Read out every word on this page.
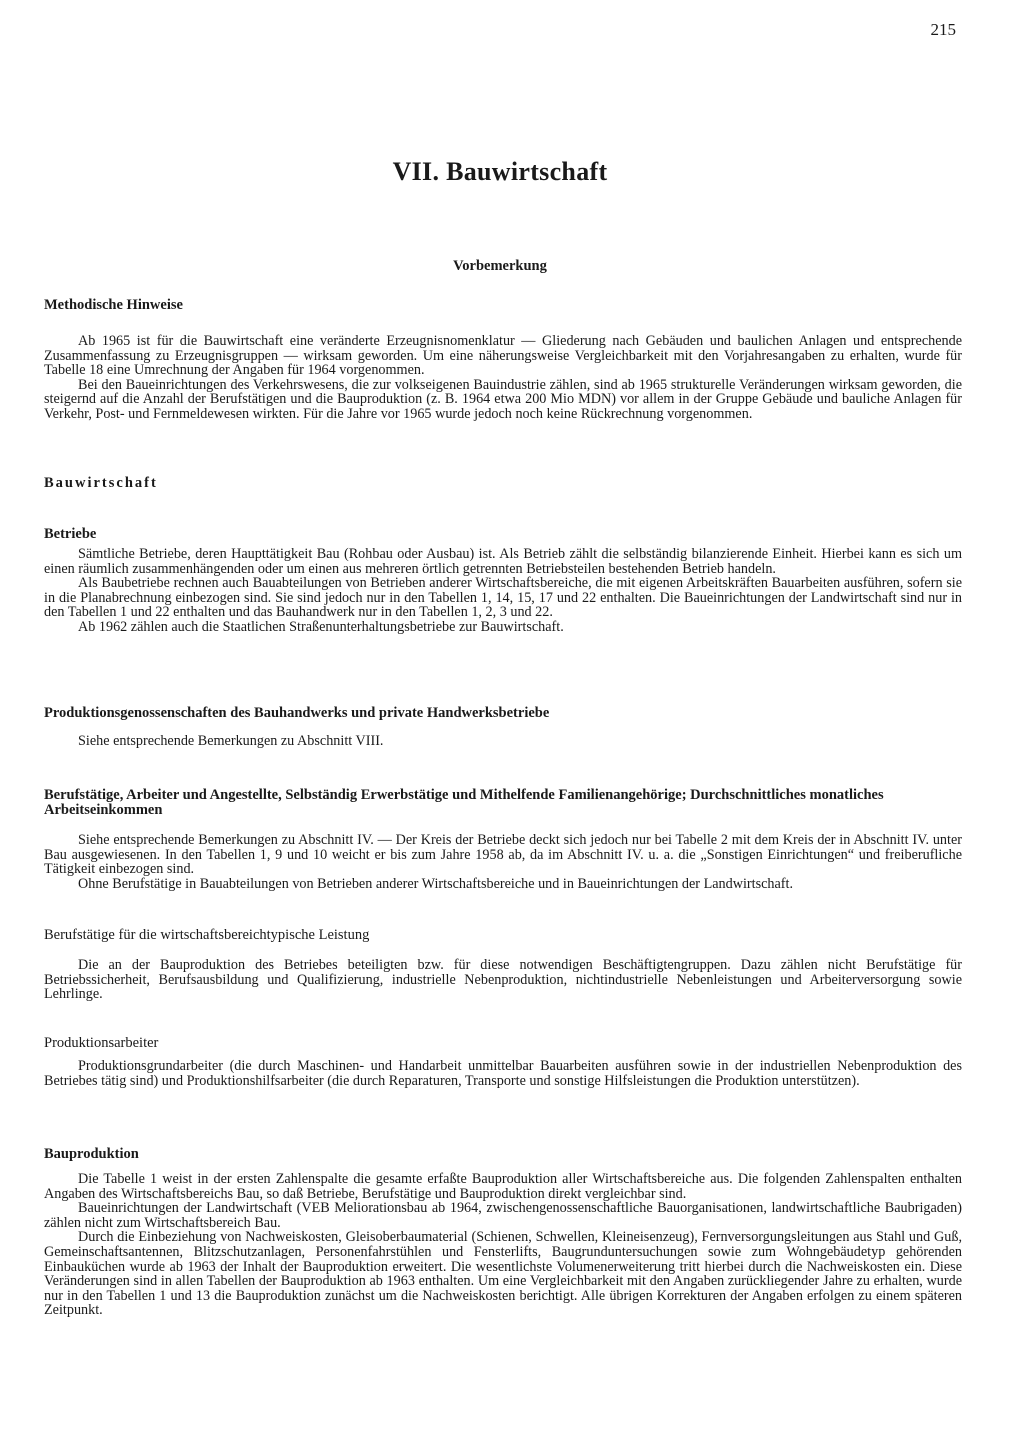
215
VII. Bauwirtschaft
Vorbemerkung
Methodische Hinweise

Ab 1965 ist für die Bauwirtschaft eine veränderte Erzeugnisnomenklatur — Gliederung nach Gebäuden und baulichen Anlagen und entsprechende Zusammenfassung zu Erzeugnisgruppen — wirksam geworden. Um eine näherungsweise Vergleichbarkeit mit den Vorjahresangaben zu erhalten, wurde für Tabelle 18 eine Umrechnung der Angaben für 1964 vorgenommen.

Bei den Baueinrichtungen des Verkehrswesens, die zur volkseigenen Bauindustrie zählen, sind ab 1965 strukturelle Veränderungen wirksam geworden, die steigernd auf die Anzahl der Berufstätigen und die Bauproduktion (z. B. 1964 etwa 200 Mio MDN) vor allem in der Gruppe Gebäude und bauliche Anlagen für Verkehr, Post- und Fernmeldewesen wirkten. Für die Jahre vor 1965 wurde jedoch noch keine Rückrechnung vorgenommen.

Bauwirtschaft
Betriebe

Sämtliche Betriebe, deren Haupttätigkeit Bau (Rohbau oder Ausbau) ist. Als Betrieb zählt die selbständig bilanzierende Einheit. Hierbei kann es sich um einen räumlich zusammenhängenden oder um einen aus mehreren örtlich getrennten Betriebsteilen bestehenden Betrieb handeln.

Als Baubetriebe rechnen auch Bauabteilungen von Betrieben anderer Wirtschaftsbereiche, die mit eigenen Arbeitskräften Bauarbeiten ausführen, sofern sie in die Planabrechnung einbezogen sind. Sie sind jedoch nur in den Tabellen 1, 14, 15, 17 und 22 enthalten. Die Baueinrichtungen der Landwirtschaft sind nur in den Tabellen 1 und 22 enthalten und das Bauhandwerk nur in den Tabellen 1, 2, 3 und 22.

Ab 1962 zählen auch die Staatlichen Straßenunterhaltungsbetriebe zur Bauwirtschaft.

Produktionsgenossenschaften des Bauhandwerks und private Handwerksbetriebe

Siehe entsprechende Bemerkungen zu Abschnitt VIII.

Berufstätige, Arbeiter und Angestellte, Selbständig Erwerbstätige und Mithelfende Familienangehörige; Durchschnittliches monatliches Arbeitseinkommen

Siehe entsprechende Bemerkungen zu Abschnitt IV. — Der Kreis der Betriebe deckt sich jedoch nur bei Tabelle 2 mit dem Kreis der in Abschnitt IV. unter Bau ausgewiesenen. In den Tabellen 1, 9 und 10 weicht er bis zum Jahre 1958 ab, da im Abschnitt IV. u. a. die „Sonstigen Einrichtungen“ und freiberufliche Tätigkeit einbezogen sind.

Ohne Berufstätige in Bauabteilungen von Betrieben anderer Wirtschaftsbereiche und in Baueinrichtungen der Landwirtschaft.

Berufstätige für die wirtschaftsbereichtypische Leistung

Die an der Bauproduktion des Betriebes beteiligten bzw. für diese notwendigen Beschäftigtengruppen. Dazu zählen nicht Berufstätige für Betriebssicherheit, Berufsausbildung und Qualifizierung, industrielle Nebenproduktion, nichtindustrielle Nebenleistungen und Arbeiterversorgung sowie Lehrlinge.

Produktionsarbeiter

Produktionsgrundarbeiter (die durch Maschinen- und Handarbeit unmittelbar Bauarbeiten ausführen sowie in der industriellen Nebenproduktion des Betriebes tätig sind) und Produktionshilfsarbeiter (die durch Reparaturen, Transporte und sonstige Hilfsleistungen die Produktion unterstützen).

Bauproduktion

Die Tabelle 1 weist in der ersten Zahlenspalte die gesamte erfaßte Bauproduktion aller Wirtschaftsbereiche aus. Die folgenden Zahlenspalten enthalten Angaben des Wirtschaftsbereichs Bau, so daß Betriebe, Berufstätige und Bauproduktion direkt vergleichbar sind.

Baueinrichtungen der Landwirtschaft (VEB Meliorationsbau ab 1964, zwischengenossenschaftliche Bauorganisationen, landwirtschaftliche Baubrigaden) zählen nicht zum Wirtschaftsbereich Bau.

Durch die Einbeziehung von Nachweiskosten, Gleisoberbaumaterial (Schienen, Schwellen, Kleineisenzeug), Fernversorgungsleitungen aus Stahl und Guß, Gemeinschaftsantennen, Blitzschutzanlagen, Personenfahrstühlen und Fensterlifts, Baugrunduntersuchungen sowie zum Wohngebäudetyp gehörenden Einbauküchen wurde ab 1963 der Inhalt der Bauproduktion erweitert. Die wesentlichste Volumenerweiterung tritt hierbei durch die Nachweiskosten ein. Diese Veränderungen sind in allen Tabellen der Bauproduktion ab 1963 enthalten. Um eine Vergleichbarkeit mit den Angaben zurückliegender Jahre zu erhalten, wurde nur in den Tabellen 1 und 13 die Bauproduktion zunächst um die Nachweiskosten berichtigt. Alle übrigen Korrekturen der Angaben erfolgen zu einem späteren Zeitpunkt.
